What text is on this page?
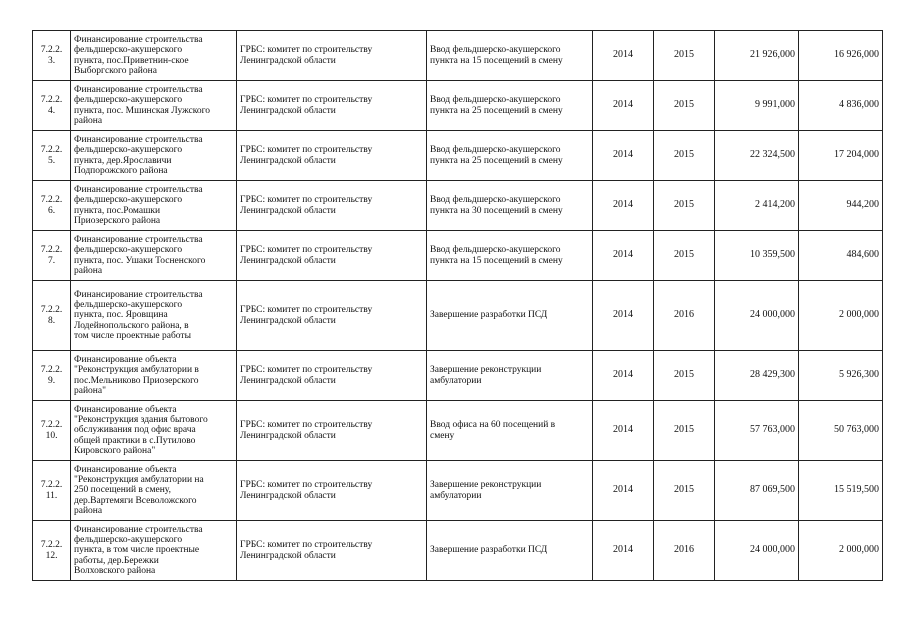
7.2.2.
3.	Финансирование строительства
фельдшерско-акушерского
пункта, пос.Приветнин-ское
Выборгского района	ГРБС: комитет по строительству
Ленинградской области	Ввод фельдшерско-акушерского
пункта на 15 посещений в смену	2014	2015	21 926,000	16 926,000

7.2.2.
4.	Финансирование строительства
фельдшерско-акушерского
пункта, пос. Мшинская Лужского
района	ГРБС: комитет по строительству
Ленинградской области	Ввод фельдшерско-акушерского
пункта на 25 посещений в смену	2014	2015	9 991,000	4 836,000

7.2.2.
5.	Финансирование строительства
фельдшерско-акушерского
пункта, дер.Ярославичи
Подпорожского района	ГРБС: комитет по строительству
Ленинградской области	Ввод фельдшерско-акушерского
пункта на 25 посещений в смену	2014	2015	22 324,500	17 204,000

7.2.2.
6.	Финансирование строительства
фельдшерско-акушерского
пункта, пос.Ромашки
Приозерского района	ГРБС: комитет по строительству
Ленинградской области	Ввод фельдшерско-акушерского
пункта на 30 посещений в смену	2014	2015	2 414,200	944,200

7.2.2.
7.	Финансирование строительства
фельдшерско-акушерского
пункта, пос. Ушаки Тосненского
района	ГРБС: комитет по строительству
Ленинградской области	Ввод фельдшерско-акушерского
пункта на 15 посещений в смену	2014	2015	10 359,500	484,600

7.2.2.
8.	Финансирование строительства
фельдшерско-акушерского
пункта, пос. Яровщина
Лодейнопольского района, в
том числе проектные работы	ГРБС: комитет по строительству
Ленинградской области	Завершение разработки ПСД	2014	2016	24 000,000	2 000,000

7.2.2.
9.	Финансирование объекта
"Реконструкция амбулатории в
пос.Мельниково Приозерского
района"	ГРБС: комитет по строительству
Ленинградской области	Завершение реконструкции
амбулатории	2014	2015	28 429,300	5 926,300

7.2.2.
10.	Финансирование объекта
"Реконструкция здания бытового
обслуживания под офис врача
общей практики в с.Путилово
Кировского района"	ГРБС: комитет по строительству
Ленинградской области	Ввод офиса на 60 посещений в
смену	2014	2015	57 763,000	50 763,000

7.2.2.
11.	Финансирование объекта
"Реконструкция амбулатории на
250 посещений в смену,
дер.Вартемяги Всеволожского
района	ГРБС: комитет по строительству
Ленинградской области	Завершение реконструкции
амбулатории	2014	2015	87 069,500	15 519,500

7.2.2.
12.	Финансирование строительства
фельдшерско-акушерского
пункта, в том числе проектные
работы, дер.Бережки
Волховского района	ГРБС: комитет по строительству
Ленинградской области	Завершение разработки ПСД	2014	2016	24 000,000	2 000,000
